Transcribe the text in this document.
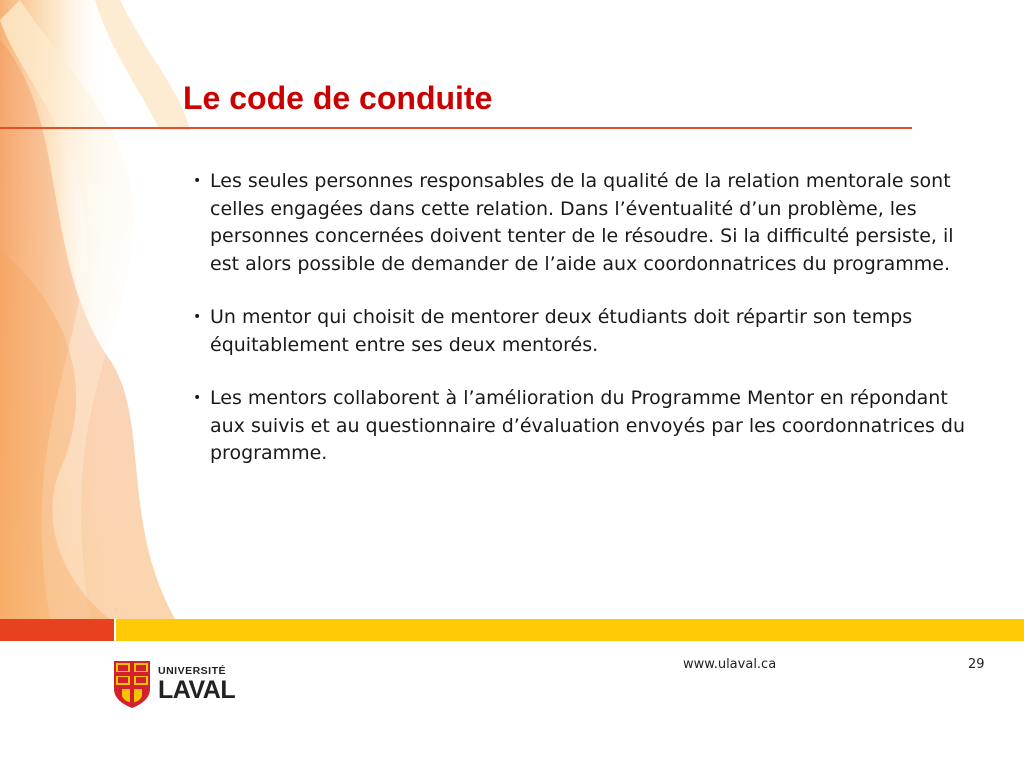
Le code de conduite
• Les seules personnes responsables de la qualité de la relation mentorale sont celles engagées dans cette relation. Dans l’éventualité d’un problème, les personnes concernées doivent tenter de le résoudre. Si la difficulté persiste, il est alors possible de demander de l’aide aux coordonnatrices du programme.
• Un mentor qui choisit de mentorer deux étudiants doit répartir son temps équitablement entre ses deux mentorés.
• Les mentors collaborent à l’amélioration du Programme Mentor en répondant aux suivis et au questionnaire d’évaluation envoyés par les coordonnatrices du programme.
UNIVERSITÉ
LAVAL
www.ulaval.ca	29
